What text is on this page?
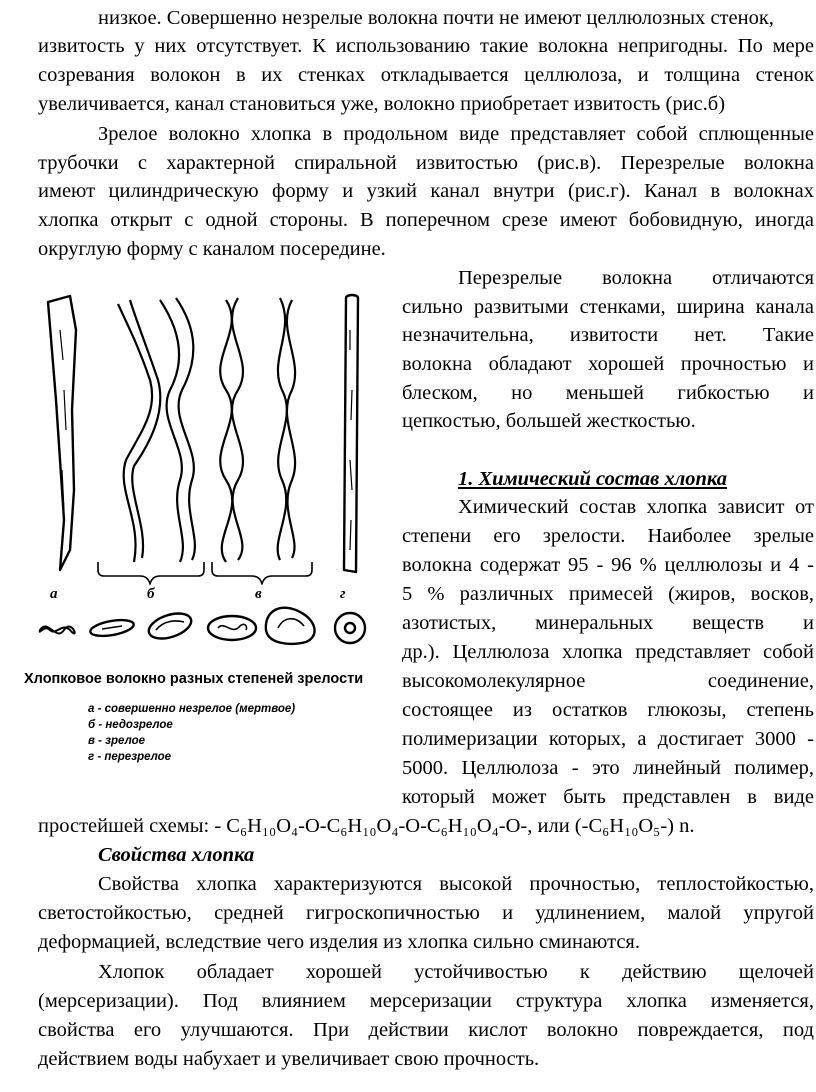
низкое. Совершенно незрелые волокна почти не имеют целлюлозных стенок,
извитость у них отсутствует. К использованию такие волокна непригодны. По мере
созревания волокон в их стенках откладывается целлюлоза, и толщина стенок
увеличивается, канал становиться уже, волокно приобретает извитость (рис.б)
Зрелое волокно хлопка в продольном виде представляет собой сплющенные
трубочки с характерной спиральной извитостью (рис.в). Перезрелые волокна
имеют цилиндрическую форму и узкий канал внутри (рис.г). Канал в волокнах
хлопка открыт с одной стороны. В поперечном срезе имеют бобовидную, иногда
округлую форму с каналом посередине.
Перезрелые волокна отличаются
сильно развитыми стенками, ширина канала
незначительна, извитости нет. Такие
волокна обладают хорошей прочностью и
блеском, но меньшей гибкостью и
цепкостью, большей жесткостью.
1. Химический состав хлопка
Химический состав хлопка зависит от
степени его зрелости. Наиболее зрелые
волокна содержат 95 - 96 % целлюлозы и 4 -
5 % различных примесей (жиров, восков,
азотистых, минеральных веществ и
др.). Целлюлоза хлопка представляет собой
высокомолекулярное соединение,
состоящее из остатков глюкозы, степень
полимеризации которых, а достигает 3000 -
5000. Целлюлоза - это линейный полимер,
который может быть представлен в виде
простейшей схемы: - C₆H₁₀O₄-O-C₆H₁₀O₄-O-C₆H₁₀O₄-O-, или (-C₆H₁₀O₅-) n.
Свойства хлопка
Свойства хлопка характеризуются высокой прочностью, теплостойкостью,
светостойкостью, средней гигроскопичностью и удлинением, малой упругой
деформацией, вследствие чего изделия из хлопка сильно сминаются.
Хлопок обладает хорошей устойчивостью к действию щелочей
(мерсеризации). Под влиянием мерсеризации структура хлопка изменяется,
свойства его улучшаются. При действии кислот волокно повреждается, под
действием воды набухает и увеличивает свою прочность.
а	б	в	г
Хлопковое волокно разных степеней зрелости
а - совершенно незрелое (мертвое)
б - недозрелое
в - зрелое
г - перезрелое
